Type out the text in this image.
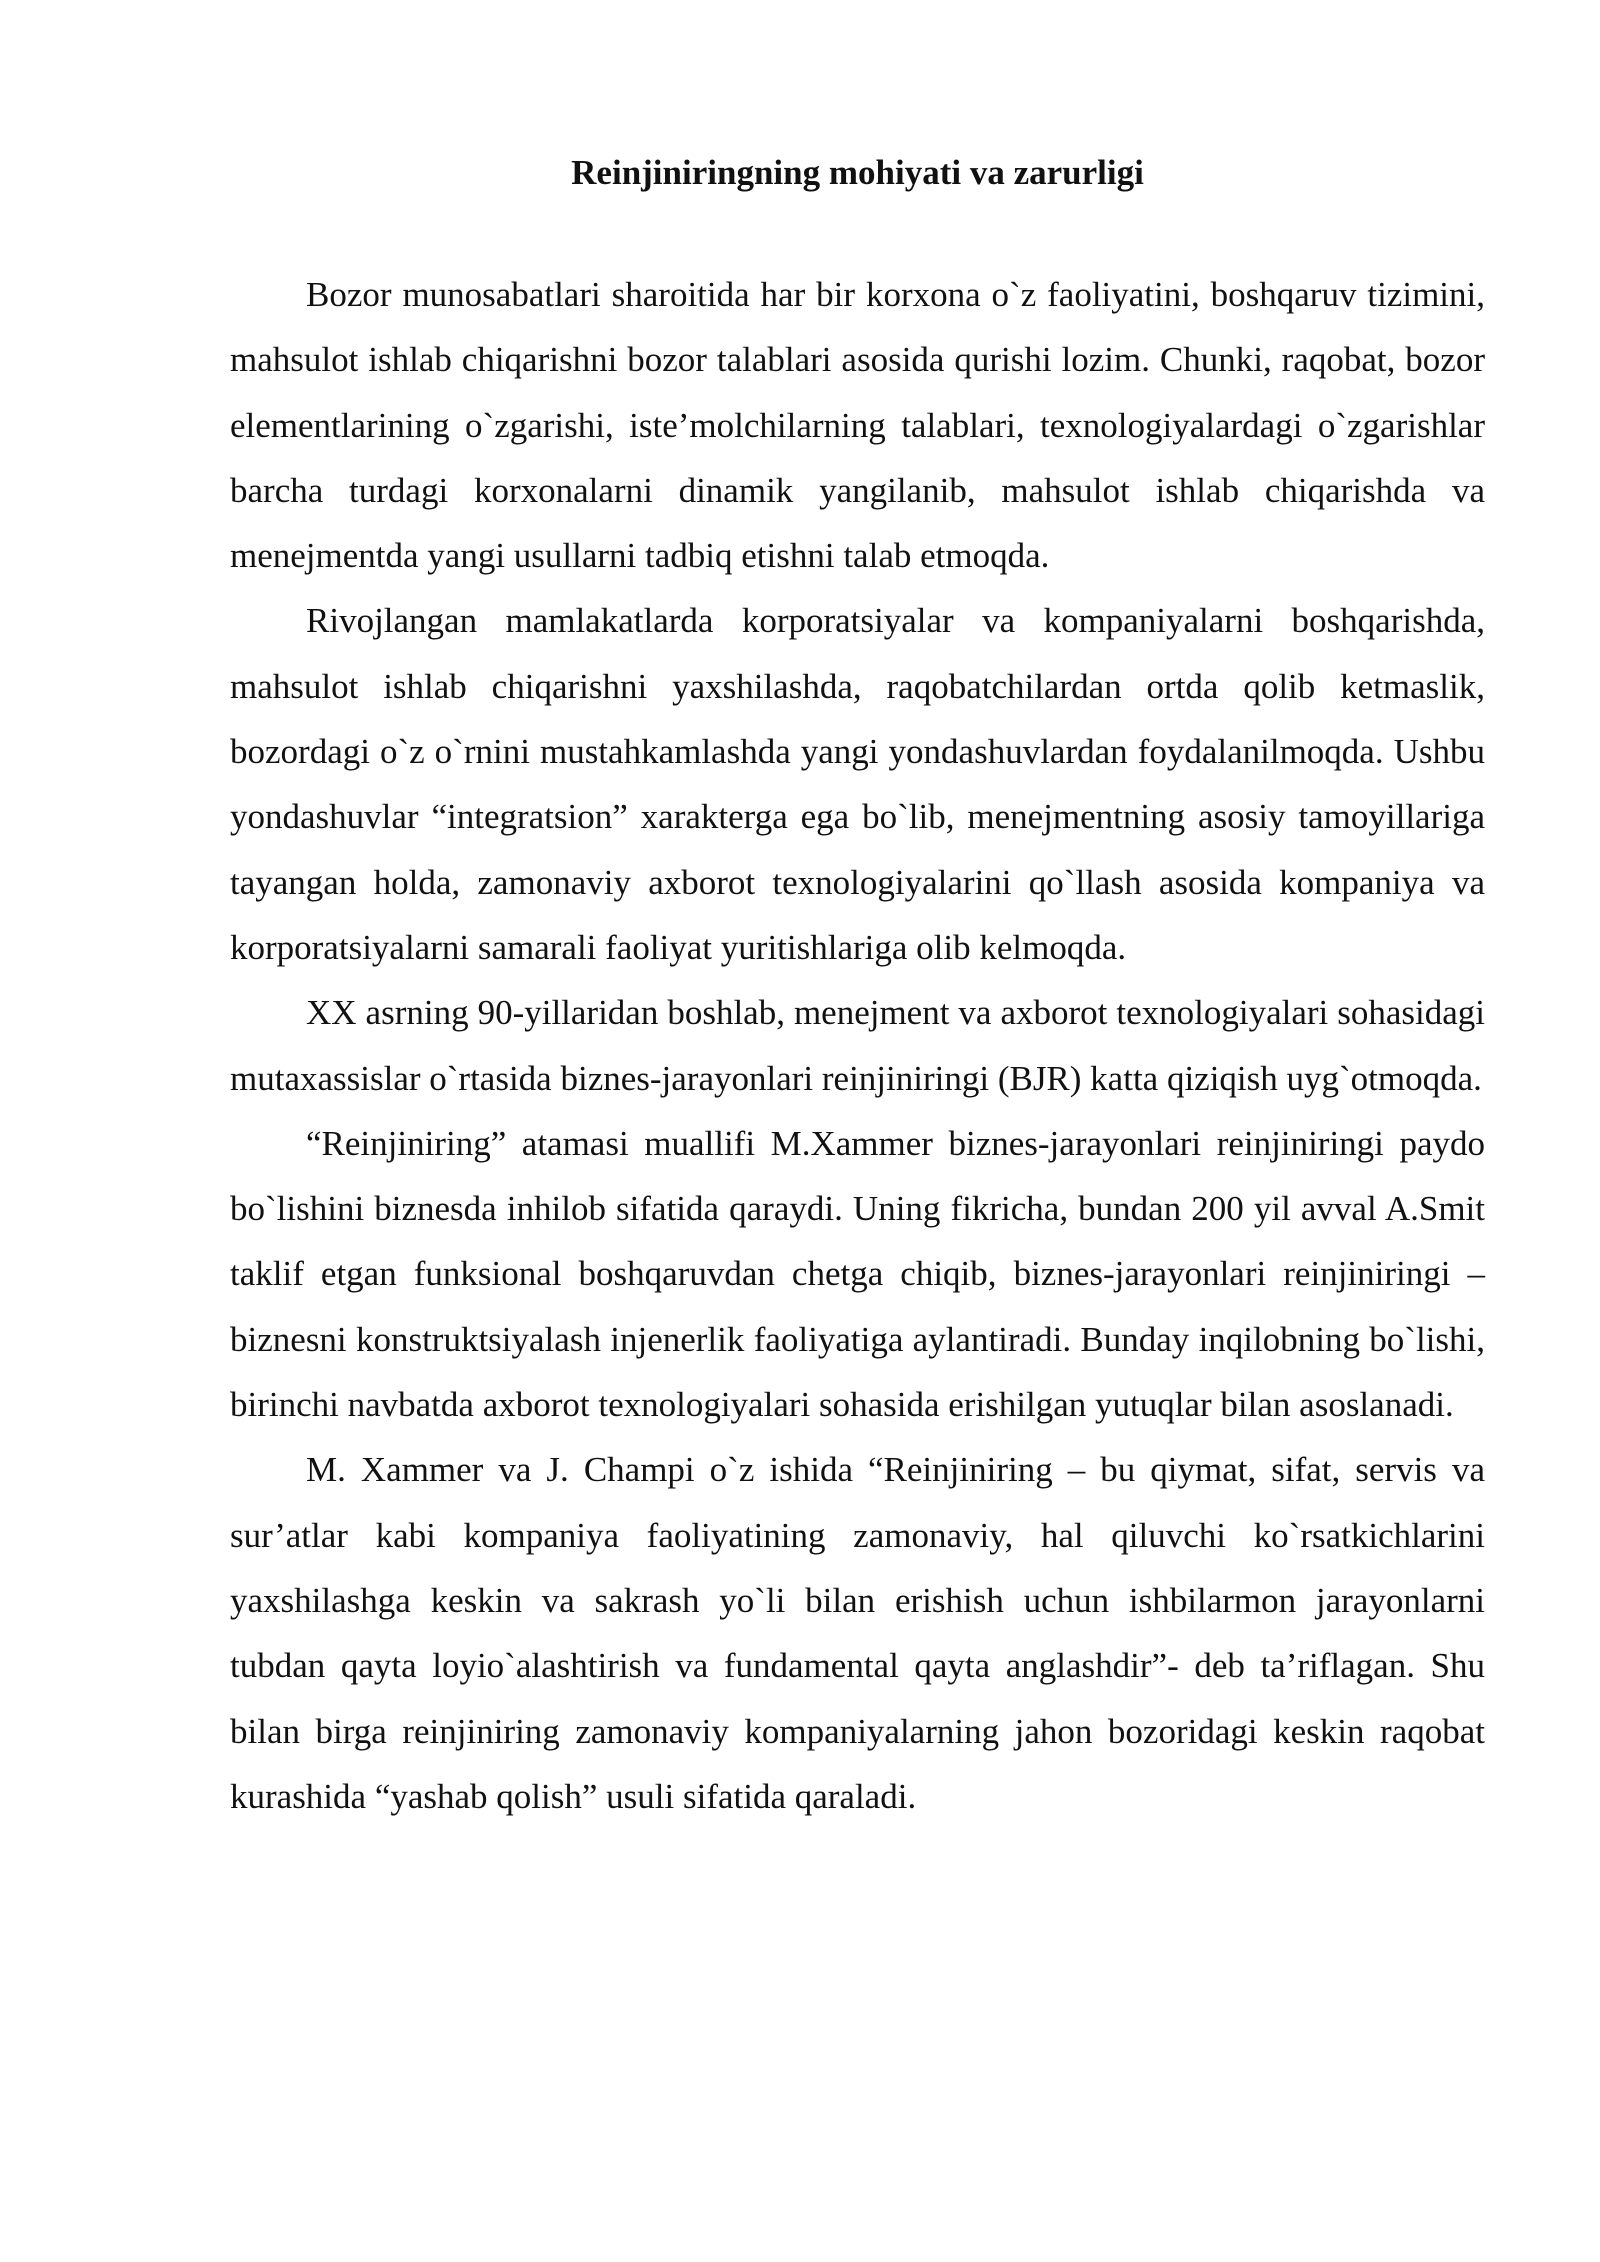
Reinjiniringning mohiyati va zarurligi

Bozor munosabatlari sharoitida har bir korxona o`z faoliyatini, boshqaruv tizimini, mahsulot ishlab chiqarishni bozor talablari asosida qurishi lozim. Chunki, raqobat, bozor elementlarining o`zgarishi, iste’molchilarning talablari, texnologiyalardagi o`zgarishlar barcha turdagi korxonalarni dinamik yangilanib, mahsulot ishlab chiqarishda va menejmentda yangi usullarni tadbiq etishni talab etmoqda.

Rivojlangan mamlakatlarda korporatsiyalar va kompaniyalarni boshqarishda, mahsulot ishlab chiqarishni yaxshilashda, raqobatchilardan ortda qolib ketmaslik, bozordagi o`z o`rnini mustahkamlashda yangi yondashuvlardan foydalanilmoqda. Ushbu yondashuvlar “integratsion” xarakterga ega bo`lib, menejmentning asosiy tamoyillariga tayangan holda, zamonaviy axborot texnologiyalarini qo`llash asosida kompaniya va korporatsiyalarni samarali faoliyat yuritishlariga olib kelmoqda.

XX asrning 90-yillaridan boshlab, menejment va axborot texnologiyalari sohasidagi mutaxassislar o`rtasida biznes-jarayonlari reinjiniringi (BJR) katta qiziqish uyg`otmoqda.

“Reinjiniring” atamasi muallifi M.Xammer biznes-jarayonlari reinjiniringi paydo bo`lishini biznesda inhilob sifatida qaraydi. Uning fikricha, bundan 200 yil avval A.Smit taklif etgan funksional boshqaruvdan chetga chiqib, biznes-jarayonlari reinjiniringi – biznesni konstruktsiyalash injenerlik faoliyatiga aylantiradi. Bunday inqilobning bo`lishi, birinchi navbatda axborot texnologiyalari sohasida erishilgan yutuqlar bilan asoslanadi.

M. Xammer va J. Champi o`z ishida “Reinjiniring – bu qiymat, sifat, servis va sur’atlar kabi kompaniya faoliyatining zamonaviy, hal qiluvchi ko`rsatkichlarini yaxshilashga keskin va sakrash yo`li bilan erishish uchun ishbilarmon jarayonlarni tubdan qayta loyio`alashtirish va fundamental qayta anglashdir”- deb ta’riflagan. Shu bilan birga reinjiniring zamonaviy kompaniyalarning jahon bozoridagi keskin raqobat kurashida “yashab qolish” usuli sifatida qaraladi.
